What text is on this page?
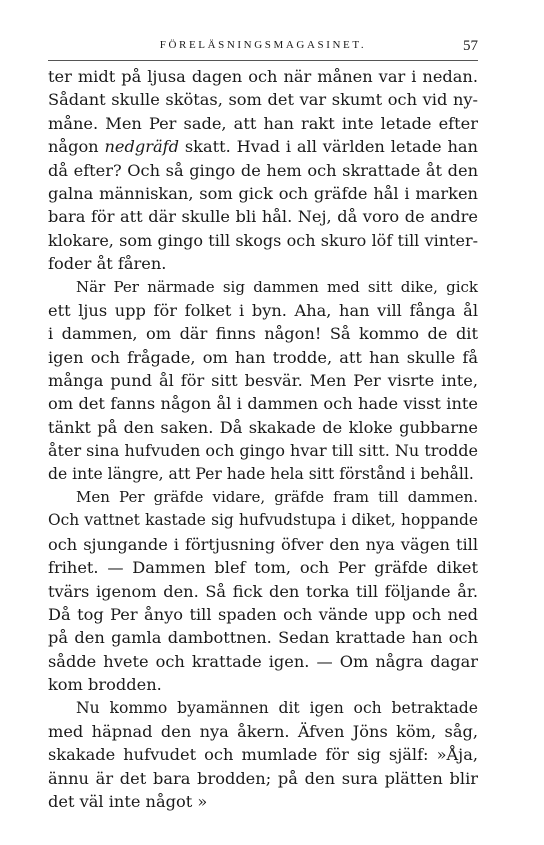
FÖRELÄSNINGSMAGASINET.	57
ter midt på ljusa dagen och när månen var i nedan.
Sådant skulle skötas, som det var skumt och vid ny-
måne. Men Per sade, att han rakt inte letade efter
någon nedgräfd skatt. Hvad i all världen letade han
då efter? Och så gingo de hem och skrattade åt den
galna människan, som gick och gräfde hål i marken
bara för att där skulle bli hål. Nej, då voro de andre
klokare, som gingo till skogs och skuro löf till vinter-
foder åt fåren.
När Per närmade sig dammen med sitt dike, gick
ett ljus upp för folket i byn. Aha, han vill fånga ål
i dammen, om där finns någon! Så kommo de dit
igen och frågade, om han trodde, att han skulle få
många pund ål för sitt besvär. Men Per visrte inte,
om det fanns någon ål i dammen och hade visst inte
tänkt på den saken. Då skakade de kloke gubbarne
åter sina hufvuden och gingo hvar till sitt. Nu trodde
de inte längre, att Per hade hela sitt förstånd i behåll.
Men Per gräfde vidare, gräfde fram till dammen.
Och vattnet kastade sig hufvudstupa i diket, hoppande
och sjungande i förtjusning öfver den nya vägen till
frihet. — Dammen blef tom, och Per gräfde diket
tvärs igenom den. Så fick den torka till följande år.
Då tog Per ånyo till spaden och vände upp och ned
på den gamla dambottnen. Sedan krattade han och
sådde hvete och krattade igen. — Om några dagar
kom brodden.
Nu kommo byamännen dit igen och betraktade
med häpnad den nya åkern. Äfven Jöns köm, såg,
skakade hufvudet och mumlade för sig själf: »Åja,
ännu är det bara brodden; på den sura plätten blir
det väl inte något »
